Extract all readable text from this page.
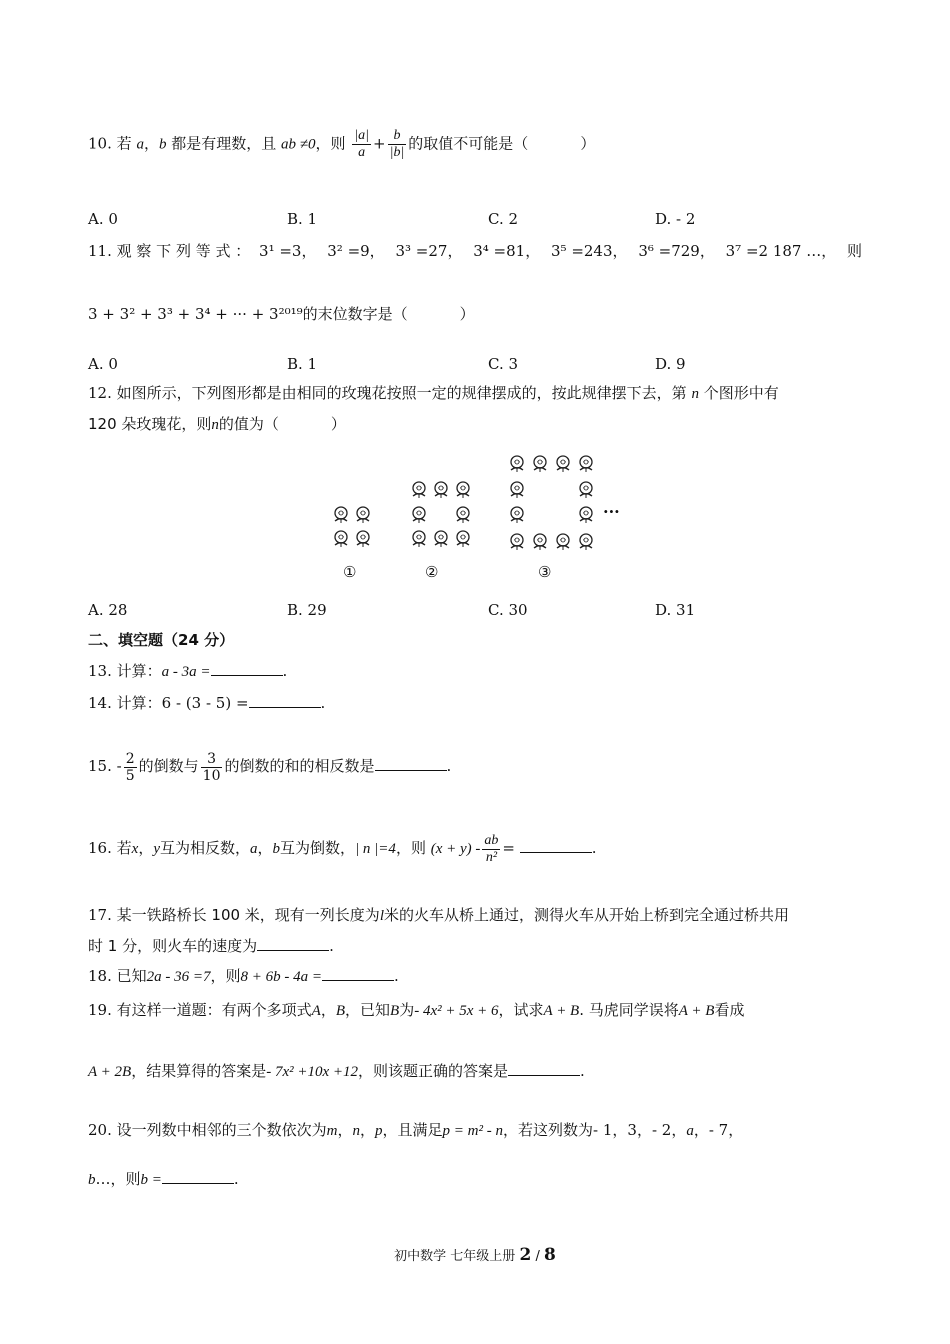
10. 若 a，b 都是有理数，且 ab ≠0，则 $\frac{|a|}{a} + \frac{b}{|b|}$ 的取值不可能是（	）
A. 0	B. 1	C. 2	D. - 2
11. 观 察 下 列 等 式 ： 3¹ =3， 3² =9， 3³ =27， 3⁴ =81， 3⁵ =243， 3⁶ =729， 3⁷ =2 187 …， 则
3 + 3² + 3³ + 3⁴ + ··· + 3²⁰¹⁹的末位数字是（	）
A. 0	B. 1	C. 3	D. 9
12. 如图所示，下列图形都是由相同的玫瑰花按照一定的规律摆成的，按此规律摆下去，第 n 个图形中有
120 朵玫瑰花，则n的值为（	）
①	②	③
···
A. 28	B. 29	C. 30	D. 31
二、填空题（24 分）
13. 计算：a - 3a =	.
14. 计算：6 - (3 - 5) =	.
15. - $\frac{2}{5}$ 的倒数与 $\frac{3}{10}$ 的倒数的和的相反数是	.
16. 若x，y互为相反数，a，b互为倒数，| n |=4，则 $(x + y) - \frac{ab}{\text{n²}}$ =	.
17. 某一铁路桥长 100 米，现有一列长度为l米的火车从桥上通过，测得火车从开始上桥到完全通过桥共用
时 1 分，则火车的速度为	.
18. 已知2a - 36 =7，则8 + 6b - 4a =	.
19. 有这样一道题：有两个多项式A，B，已知B为- 4x² + 5x + 6，试求A + B. 马虎同学误将A + B看成
A + 2B，结果算得的答案是- 7x² +10x +12，则该题正确的答案是	.
20. 设一列数中相邻的三个数依次为m，n，p，且满足p = m² - n，若这列数为- 1，3，- 2，a，- 7，
b…，则b =	.
初中数学 七年级上册 2 / 8
